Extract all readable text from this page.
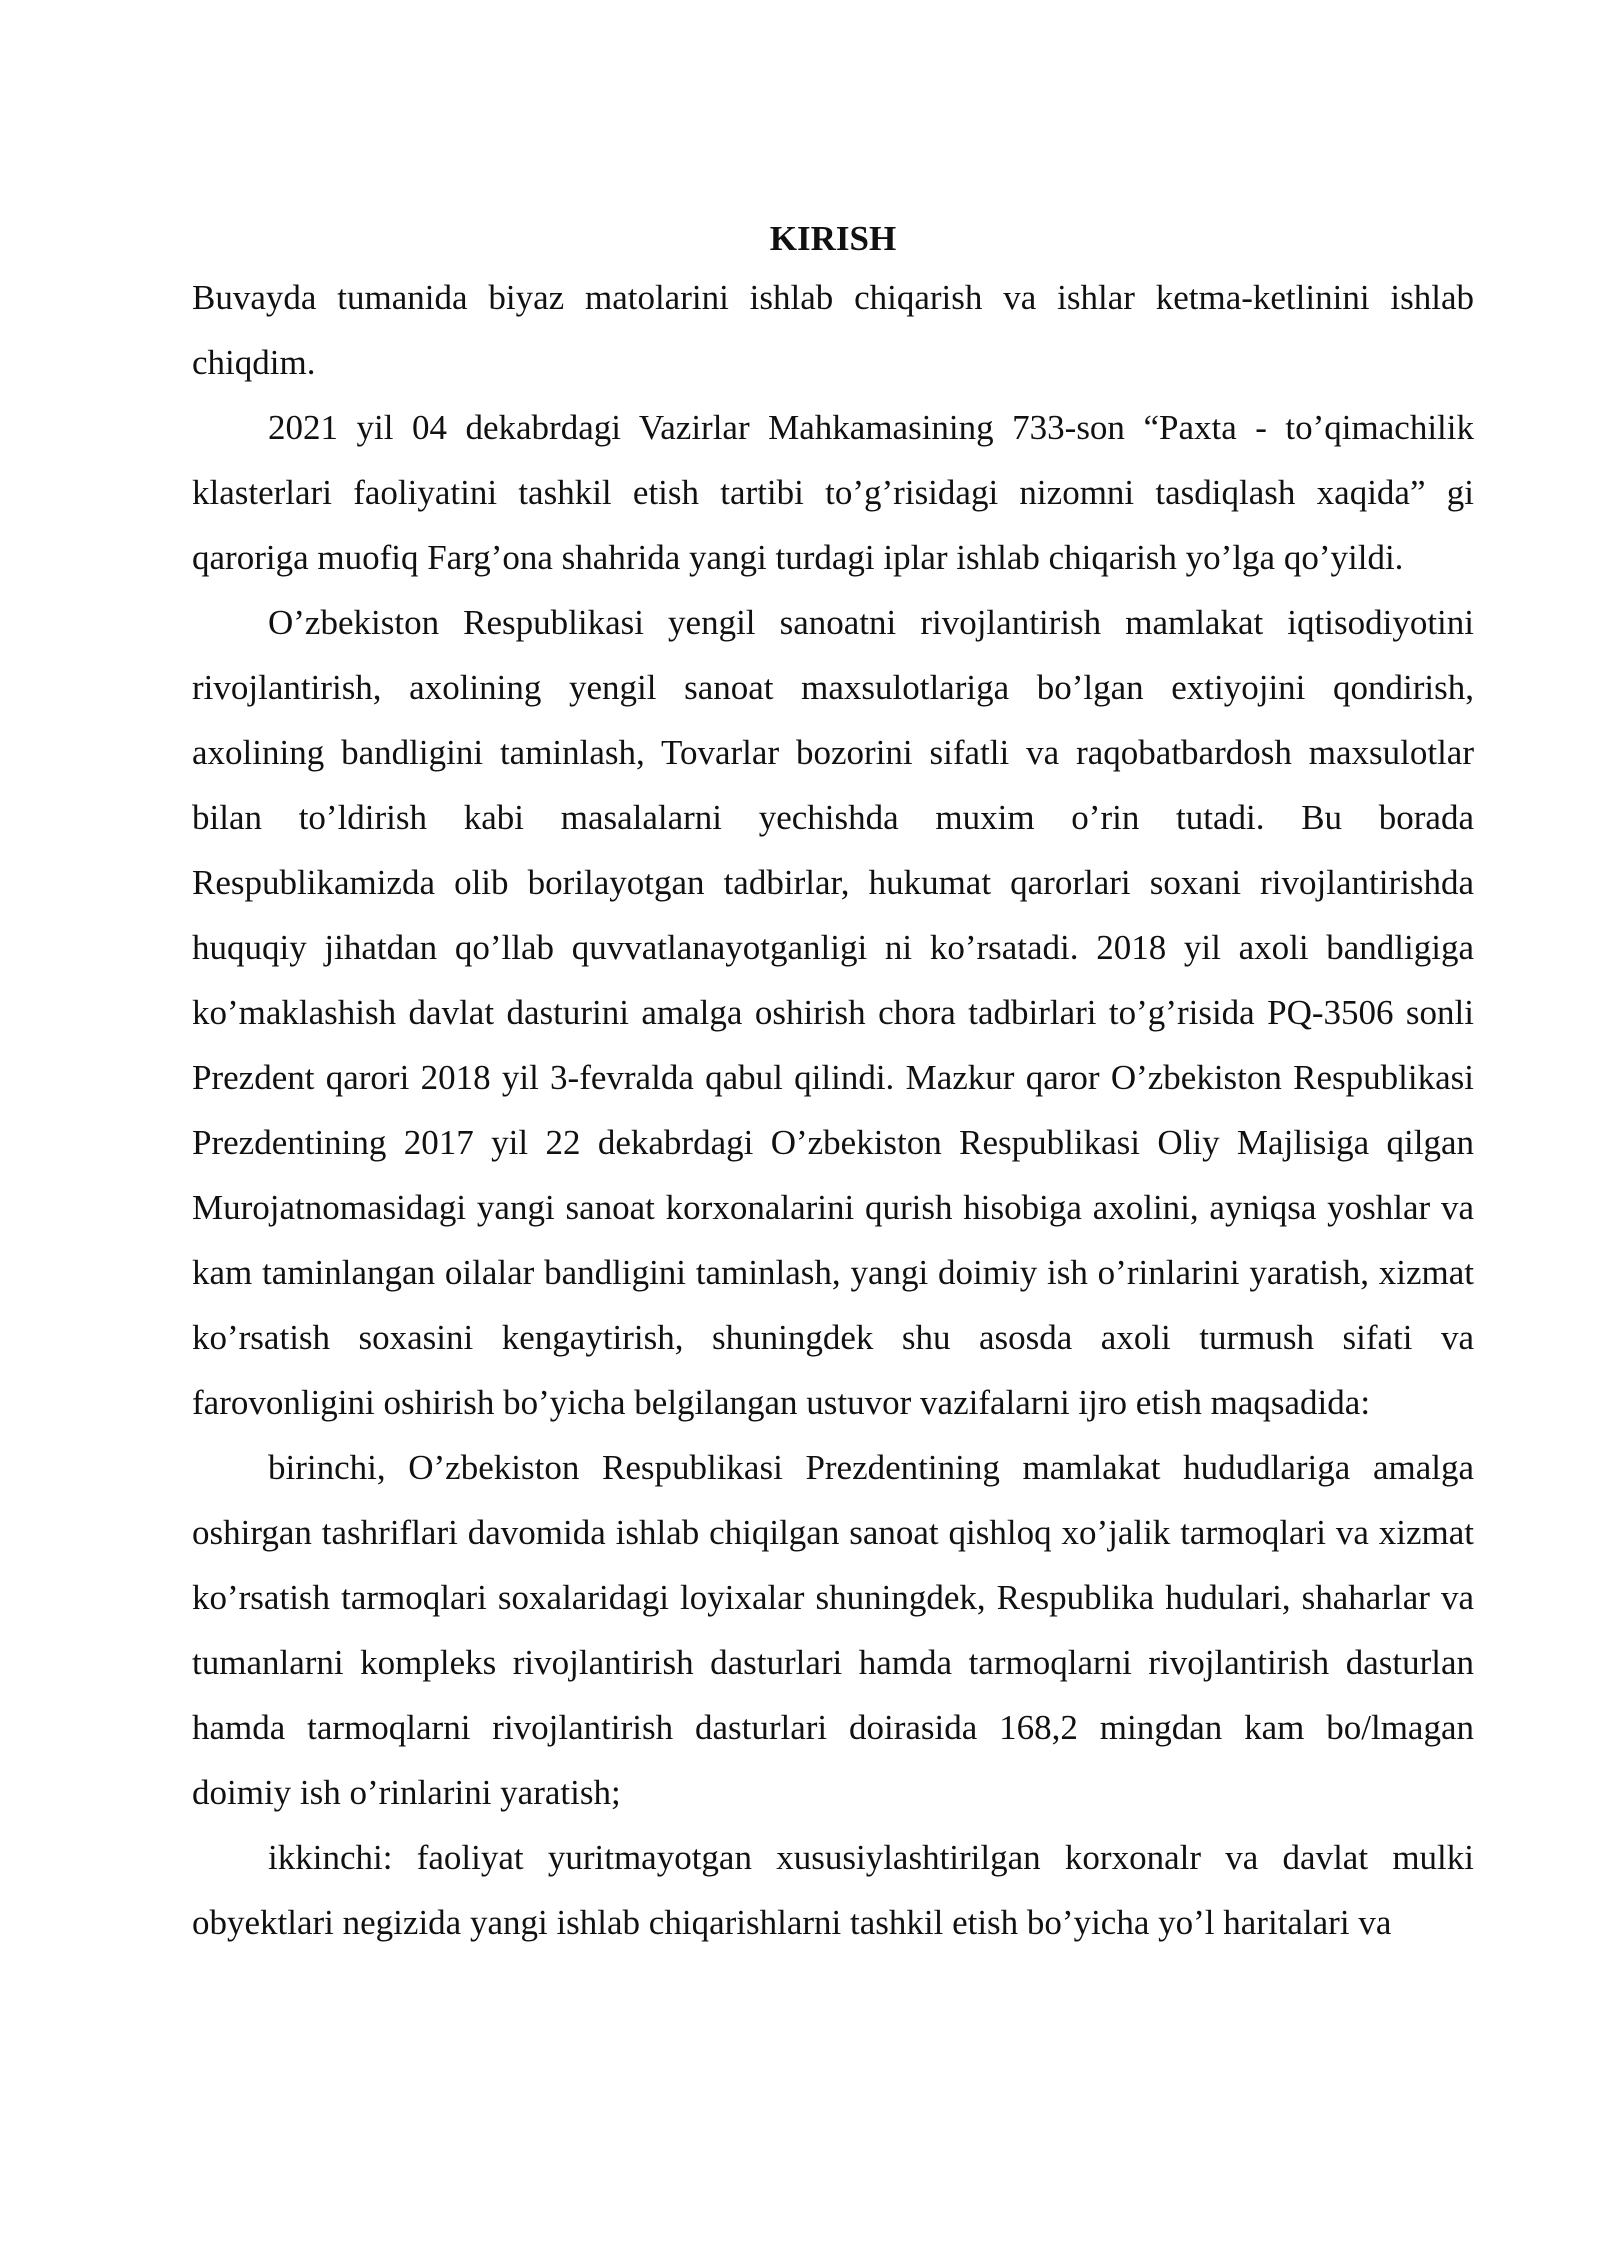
KIRISH

Buvayda tumanida biyaz matolarini ishlab chiqarish va ishlar ketma-ketlinini ishlab chiqdim.

2021 yil 04 dekabrdagi Vazirlar Mahkamasining 733-son “Paxta - to’qimachilik klasterlari faoliyatini tashkil etish tartibi to’g’risidagi nizomni tasdiqlash xaqida” gi qaroriga muofiq Farg’ona shahrida yangi turdagi iplar ishlab chiqarish yo’lga qo’yildi.

O’zbekiston Respublikasi yengil sanoatni rivojlantirish mamlakat iqtisodiyotini rivojlantirish, axolining yengil sanoat maxsulotlariga bo’lgan extiyojini qondirish, axolining bandligini taminlash, Tovarlar bozorini sifatli va raqobatbardosh maxsulotlar bilan to’ldirish kabi masalalarni yechishda muxim o’rin tutadi. Bu borada Respublikamizda olib borilayotgan tadbirlar, hukumat qarorlari soxani rivojlantirishda huquqiy jihatdan qo’llab quvvatlanayotganligi ni ko’rsatadi. 2018 yil axoli bandligiga ko’maklashish davlat dasturini amalga oshirish chora tadbirlari to’g’risida PQ-3506 sonli Prezdent qarori 2018 yil 3-fevralda qabul qilindi. Mazkur qaror O’zbekiston Respublikasi Prezdentining 2017 yil 22 dekabrdagi O’zbekiston Respublikasi Oliy Majlisiga qilgan Murojatnomasidagi yangi sanoat korxonalarini qurish hisobiga axolini, ayniqsa yoshlar va kam taminlangan oilalar bandligini taminlash, yangi doimiy ish o’rinlarini yaratish, xizmat ko’rsatish soxasini kengaytirish, shuningdek shu asosda axoli turmush sifati va farovonligini oshirish bo’yicha belgilangan ustuvor vazifalarni ijro etish maqsadida:

birinchi, O’zbekiston Respublikasi Prezdentining mamlakat hududlariga amalga oshirgan tashriflari davomida ishlab chiqilgan sanoat qishloq xo’jalik tarmoqlari va xizmat ko’rsatish tarmoqlari soxalaridagi loyixalar shuningdek, Respublika hudulari, shaharlar va tumanlarni kompleks rivojlantirish dasturlari hamda tarmoqlarni rivojlantirish dasturlan hamda tarmoqlarni rivojlantirish dasturlari doirasida 168,2 mingdan kam bo/lmagan doimiy ish o’rinlarini yaratish;

ikkinchi: faoliyat yuritmayotgan xususiylashtirilgan korxonalr va davlat mulki obyektlari negizida yangi ishlab chiqarishlarni tashkil etish bo’yicha yo’l haritalari va
